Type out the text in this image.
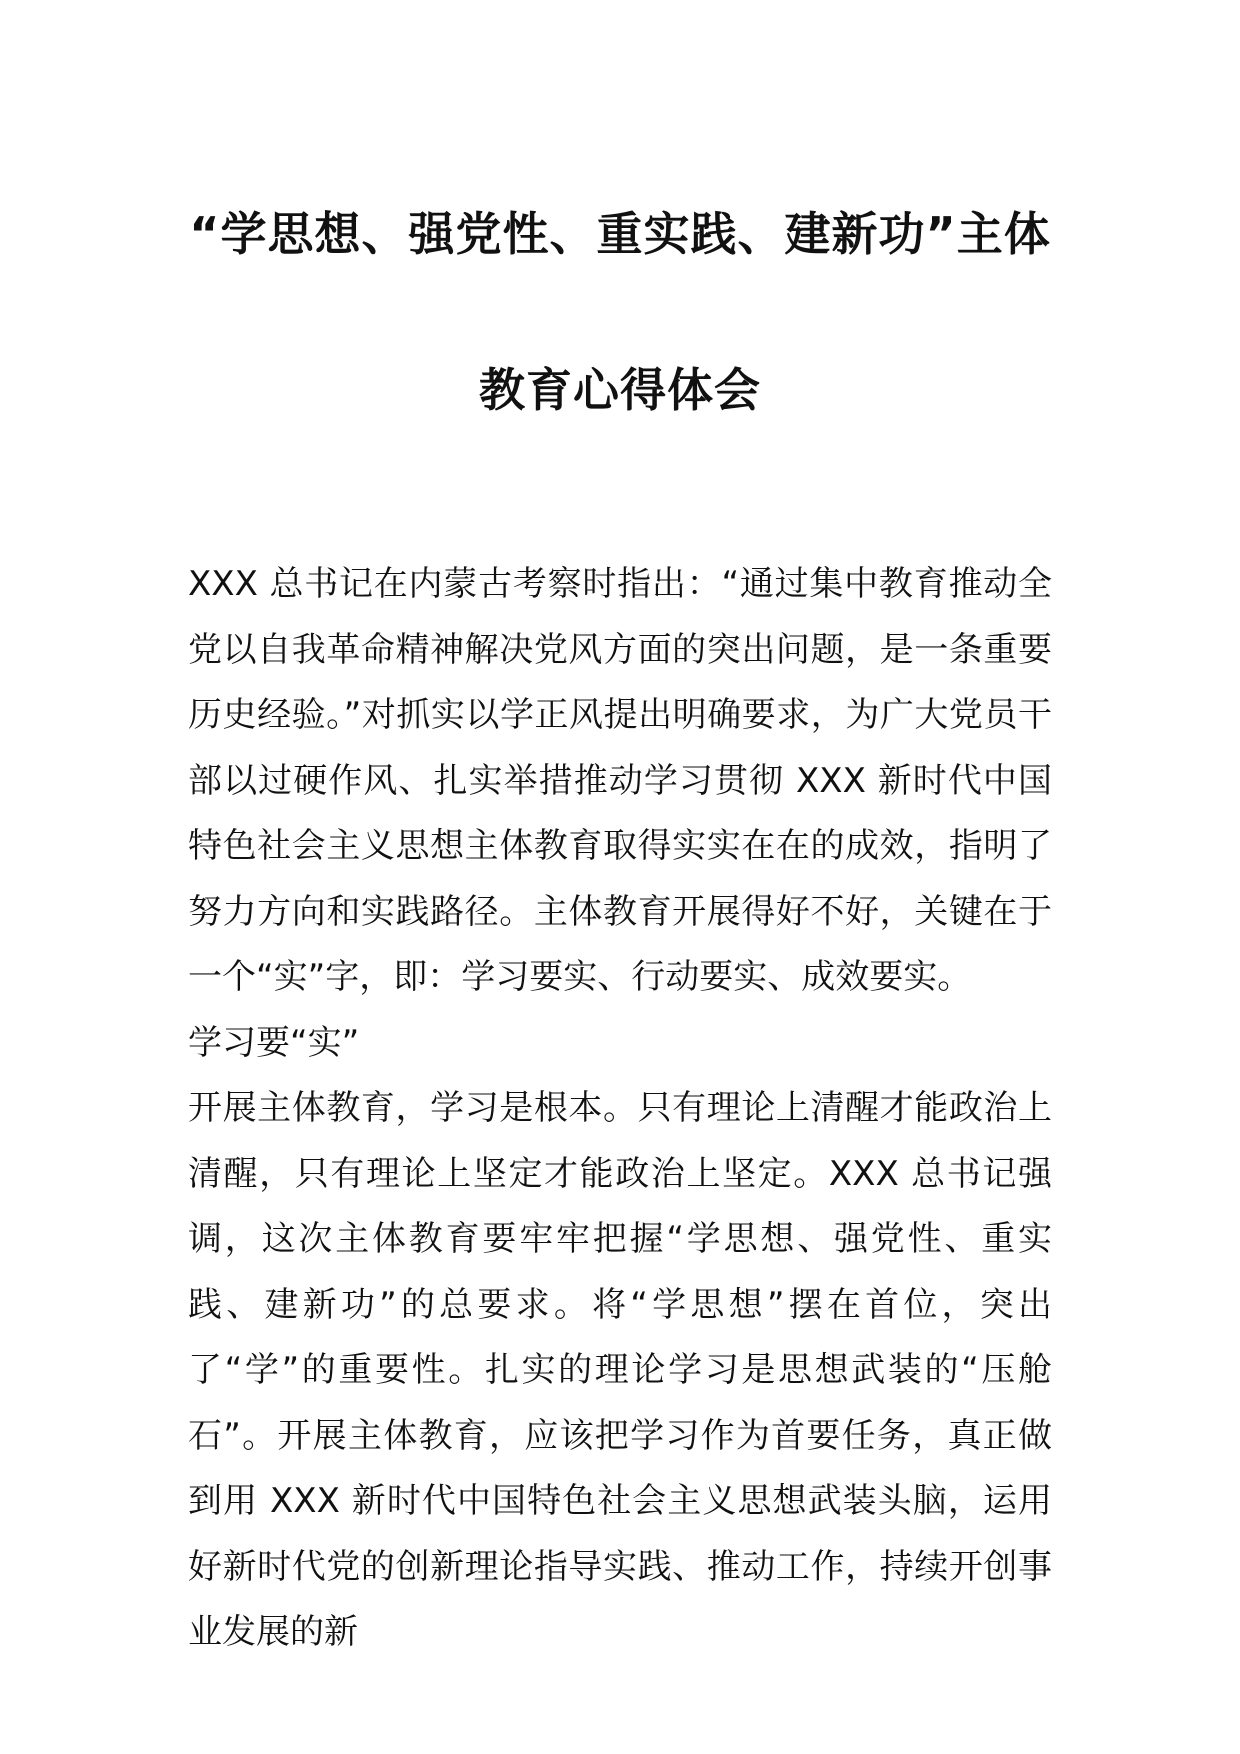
“学思想、强党性、重实践、建新功”主体
教育心得体会

XXX 总书记在内蒙古考察时指出：“通过集中教育推动全党以自我革命精神解决党风方面的突出问题，是一条重要历史经验。”对抓实以学正风提出明确要求，为广大党员干部以过硬作风、扎实举措推动学习贯彻 XXX 新时代中国特色社会主义思想主体教育取得实实在在的成效，指明了努力方向和实践路径。主体教育开展得好不好，关键在于一个“实”字，即：学习要实、行动要实、成效要实。

学习要“实”

开展主体教育，学习是根本。只有理论上清醒才能政治上清醒，只有理论上坚定才能政治上坚定。XXX 总书记强调，这次主体教育要牢牢把握“学思想、强党性、重实践、建新功”的总要求。将“学思想”摆在首位，突出了“学”的重要性。扎实的理论学习是思想武装的“压舱石”。开展主体教育，应该把学习作为首要任务，真正做到用 XXX 新时代中国特色社会主义思想武装头脑，运用好新时代党的创新理论指导实践、推动工作，持续开创事业发展的新
